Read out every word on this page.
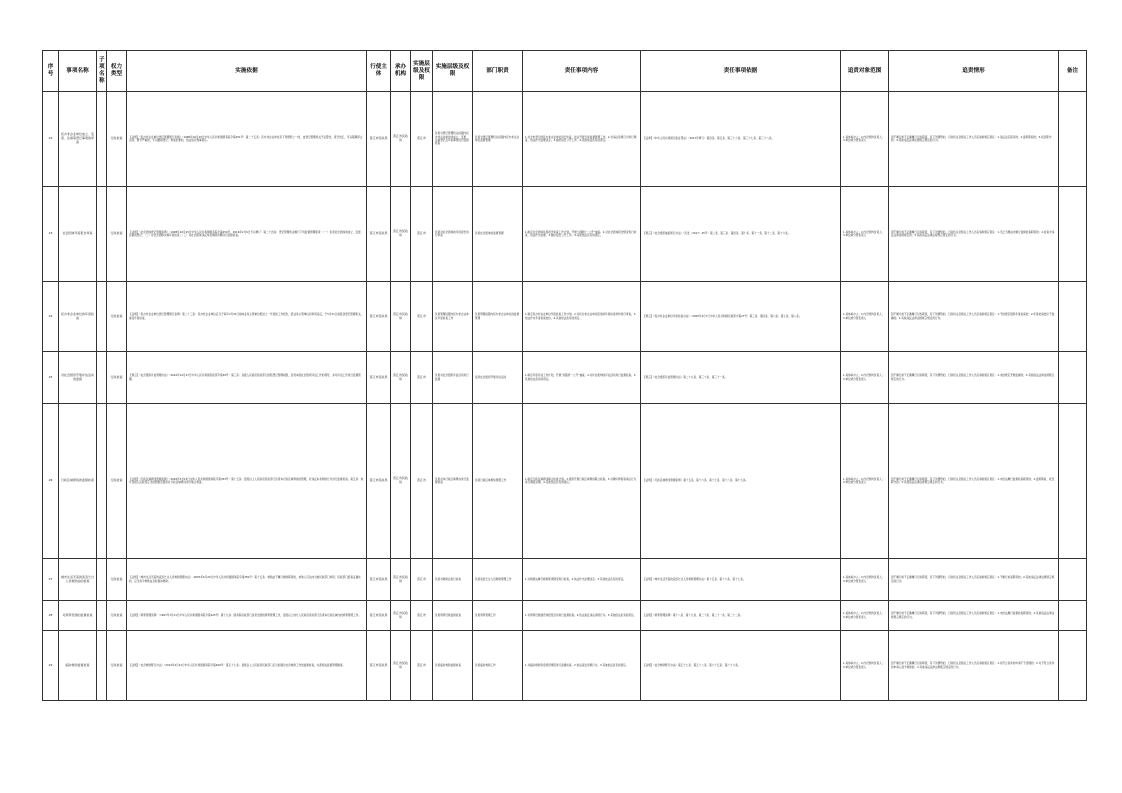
序号	事项名称	子项名称	权力类型	实施依据	行使主体	承办机构	实施层级及权限	实施层级及权限	部门职责	责任事项内容	责任事项依据	追责对象范围	追责情形	备注
22	民办非企业单位成立、变更、注销等登记事项的审查		行政检查	【法规】《民办非企业单位登记管理暂行条例》（1998年10月25日中华人民共和国国务院令第251号）第二十五条：民办非企业单位有下列情形之一的，由登记管理机关予以警告，责令改正，可以限期停止活动；情节严重的，予以撤销登记；构成犯罪的，依法追究刑事责任。	晋江市民政局	晋江市民政局	晋江市	负责对登记管理机关权限内民办非企业单位的成立、变更、注销登记及年检事项进行监督检查	负责对登记管理机关权限内民办非企业单位监督管理	1.对全市登记的民办非企业单位进行检查，依法开展日常监督管理工作。2.对违法违规行为进行调查，依法作出处理决定。3.做好信息公开工作。4.其他依法负有的责任。	【法律】《中华人民共和国行政处罚法》（2017年修订）第四条、第五条、第三十六条、第三十七条、第三十八条。	1.具体承办人；2.内设机构负责人；3.单位或分管负责人	因不履行或不正确履行行政职责，有下列情形的，行政机关及相关工作人员应承担相应责任：1.违反法定程序的；2.滥用职权的；3.玩忽职守的；4.其他违反法律法规规章规定的行为。	
23	社会团体年度报告审查		行政检查	【法规】《社会团体登记管理条例》（1998年10月25日中华人民共和国国务院令第250号，2016年2月6日予以修订）第二十四条：登记管理机关履行下列监督管理职责：（一）负责社会团体的成立、变更、注销的登记；（二）对社会团体实施年度检查；（三）对社会团体违反本条例的问题进行监督检查。	晋江市民政局	晋江市民政局	晋江市	负责对社会团体的年度报告进行审查	负责社会团体的监督管理	1.制定社会团体年度报告审查工作计划，开展“双随机一公开”抽查。2.对社会团体报告情况进行检查，依法作出处理。3.做好信息公开工作。4.其他依法负有的责任。	【规章】《社会组织抽查暂行办法》（民发〔2017〕45号）第二条、第三条、第四条、第十条、第十一条、第十二条、第十六条。	1.具体承办人；2.内设机构负责人；3.单位或分管负责人	因不履行或不正确履行行政职责，有下列情形的，行政机关及相关工作人员应承担相应责任：1.无正当理由未履行监督检查职责的；2.检查中违反法律法规规定的；3.其他违反法律法规规章规定的行为。	
24	民办非企业单位的年度检查		行政检查	【法规】《民办非企业单位登记管理暂行条例》第二十三条：民办非企业单位应当于每年3月31日前向业务主管单位报送上一年度的工作报告，经业务主管单位初审同意后，于5月31日前报送登记管理机关，接受年度检查。	晋江市民政局	晋江市民政局	晋江市	负责管理权限内民办非企业单位年度检查工作	负责管理权限内民办非企业单位的监督管理	1.制定民办非企业单位年度检查工作计划。2.对民办非企业单位报送的年度检查材料进行审查。3.依法作出年度检查结论。4.其他依法负有的责任。	【规章】《民办非企业单位年度检查办法》（2005年4月7日中华人民共和国民政部令第27号）第三条、第四条、第六条、第七条、第八条。	1.具体承办人；2.内设机构负责人；3.单位或分管负责人	因不履行或不正确履行行政职责，有下列情形的，行政机关及相关工作人员应承担相应责任：1.不按规定组织年度检查的；2.年度检查结论不准确的；3.其他违反法律法规规章规定的行为。	
25	对社会组织开展评估活动的监督		行政检查	【规章】《社会组织评估管理办法》（2010年12月27日中华人民共和国民政部令第39号）第三条：各级人民政府民政部门按照登记管理权限，负责本级社会组织评估工作的领导，并对评估工作进行监督管理。	晋江市民政局	晋江市民政局	晋江市	负责对社会组织评估活动进行监督	指导社会组织开展评估活动	1.制定年度评估工作计划，开展“双随机一公开”抽查。2.对评估机构的评估活动进行监督检查。3.其他依法负有的责任。	【规章】《社会组织评估管理办法》第二十九条、第三十条、第三十一条。	1.具体承办人；2.内设机构负责人；3.单位或分管负责人	因不履行或不正确履行行政职责，有下列情形的，行政机关及相关工作人员应承担相应责任：1.未按规定开展监督的；2.其他违反法律法规规章规定的行为。	
26	行政区域界线的监督检查		行政检查	【法规】《行政区域界线管理条例》（2002年5月13日中华人民共和国国务院令第353号）第十五条：县级以上人民政府民政部门负责本行政区域界线的管理，对违反本条例的行为进行监督检查。第五条：地方各级人民政府应当按照规定组织对行政区域界线进行联合检查。	晋江市民政局	晋江市民政局	晋江市	负责对本行政区域界线进行监督检查	负责行政区域界线管理工作	1.制定行政区域界线联合检查计划。2.组织开展行政区域界线联合检查。3.对破坏界桩等违法行为进行调查处理。4.其他依法负有的责任。	【法规】《行政区域界线管理条例》第十五条、第十六条、第十七条、第十八条、第十九条。	1.具体承办人；2.内设机构负责人；3.单位或分管负责人	因不履行或不正确履行行政职责，有下列情形的，行政机关及相关工作人员应承担相应责任：1.未依法履行监督检查职责的；2.滥用职权、玩忽职守的；3.其他违反法律法规规章规定的行为。	
27	城市生活无着的流浪乞讨人员救助站的检查		行政检查	【法规】《城市生活无着的流浪乞讨人员救助管理办法》（2003年6月20日中华人民共和国国务院令第381号）第十五条：救助站不履行救助职责的，求助人可以向当地民政部门举报；民政部门经查证属实的，应当责令救助站及时提供救助。	晋江市民政局	晋江市民政局	晋江市	负责对救助站进行检查	负责流浪乞讨人员救助管理工作	1.对救助站履行救助职责情况进行检查。2.依法作出处理决定。3.其他依法负有的责任。	【法规】《城市生活无着的流浪乞讨人员救助管理办法》第十五条、第十六条、第十七条。	1.具体承办人；2.内设机构负责人；3.单位或分管负责人	因不履行或不正确履行行政职责，有下列情形的，行政机关及相关工作人员应承担相应责任：1.不履行检查职责的；2.其他违反法律法规规章规定的行为。	
28	对殡葬设施的监督检查		行政检查	【法规】《殡葬管理条例》（1997年7月21日中华人民共和国国务院令第225号）第十九条：国务院民政部门负责全国的殡葬管理工作，县级以上地方人民政府民政部门负责本行政区域内的殡葬管理工作。	晋江市民政局	晋江市民政局	晋江市	负责殡葬设施监督检查	负责殡葬管理工作	1.对殡葬设施建设和经营活动进行监督检查。2.依法查处违法违规行为。3.其他依法负有的责任。	【法规】《殡葬管理条例》第十八条、第十九条、第二十条、第二十一条、第二十二条。	1.具体承办人；2.内设机构负责人；3.单位或分管负责人	因不履行或不正确履行行政职责，有下列情形的，行政机关及相关工作人员应承担相应责任：1.未依法履行监督检查职责的；2.其他违反法律法规规章规定的行为。	
29	临时救助监督检查		行政检查	【法规】《社会救助暂行办法》（2014年2月21日中华人民共和国国务院令第649号）第五十七条：县级以上人民政府民政部门应当加强对社会救助工作的监督检查，完善相关监督管理制度。	晋江市民政局	晋江市民政局	晋江市	负责临时救助监督检查	负责临时救助工作	1.对临时救助资金使用情况进行监督检查。2.依法查处违规行为。3.其他依法负有的责任。	【法规】《社会救助暂行办法》第五十七条、第五十八条、第六十五条、第六十六条。	1.具体承办人；2.内设机构负责人；3.单位或分管负责人	因不履行或不正确履行行政职责，有下列情形的，行政机关及相关工作人员应承担相应责任：1.对符合条件的申请不予受理的；2.对不符合条件的申请人准予救助的；3.其他违反法律法规规章规定的行为。	
